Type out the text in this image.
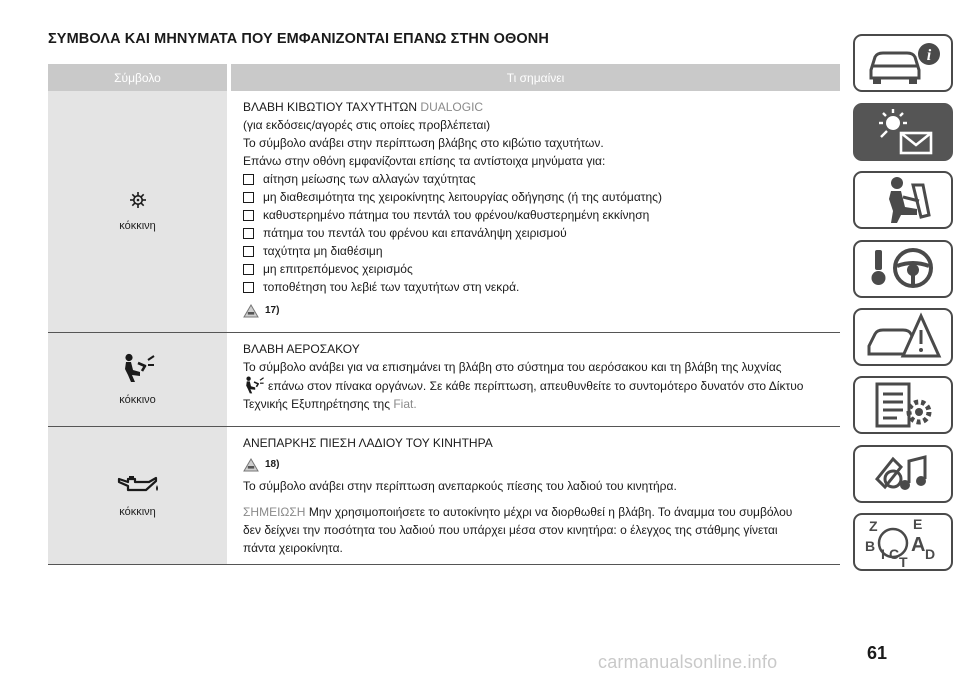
ΣΥΜΒΟΛΑ ΚΑΙ ΜΗΝΥΜΑΤΑ ΠΟΥ ΕΜΦΑΝΙΖΟΝΤΑΙ ΕΠΑΝΩ ΣΤΗΝ ΟΘΟΝΗ
Σύμβολο	Τι σημαίνει
κόκκινη
ΒΛΑΒΗ ΚΙΒΩΤΙΟΥ ΤΑΧΥΤΗΤΩΝ DUALOGIC
(για εκδόσεις/αγορές στις οποίες προβλέπεται)
Το σύμβολο ανάβει στην περίπτωση βλάβης στο κιβώτιο ταχυτήτων.
Επάνω στην οθόνη εμφανίζονται επίσης τα αντίστοιχα μηνύματα για:
αίτηση μείωσης των αλλαγών ταχύτητας
μη διαθεσιμότητα της χειροκίνητης λειτουργίας οδήγησης (ή της αυτόματης)
καθυστερημένο πάτημα του πεντάλ του φρένου/καθυστερημένη εκκίνηση
πάτημα του πεντάλ του φρένου και επανάληψη χειρισμού
ταχύτητα μη διαθέσιμη
μη επιτρεπόμενος χειρισμός
τοποθέτηση του λεβιέ των ταχυτήτων στη νεκρά.
17)
κόκκινο
ΒΛΑΒΗ ΑΕΡΟΣΑΚΟΥ
Το σύμβολο ανάβει για να επισημάνει τη βλάβη στο σύστημα του αερόσακου και τη βλάβη της λυχνίας
επάνω στον πίνακα οργάνων. Σε κάθε περίπτωση, απευθυνθείτε το συντομότερο δυνατόν στο Δίκτυο
Τεχνικής Εξυπηρέτησης της Fiat.
κόκκινη
ΑΝΕΠΑΡΚΗΣ ΠΙΕΣΗ ΛΑΔΙΟΥ ΤΟΥ ΚΙΝΗΤΗΡΑ
18)
Το σύμβολο ανάβει στην περίπτωση ανεπαρκούς πίεσης του λαδιού του κινητήρα.
ΣΗΜΕΙΩΣΗ Μην χρησιμοποιήσετε το αυτοκίνητο μέχρι να διορθωθεί η βλάβη. Το άναμμα του συμβόλου
δεν δείχνει την ποσότητα του λαδιού που υπάρχει μέσα στον κινητήρα: ο έλεγχος της στάθμης γίνεται
πάντα χειροκίνητα.
i
Z	E
B A
I C T D
61
carmanualsonline.info
